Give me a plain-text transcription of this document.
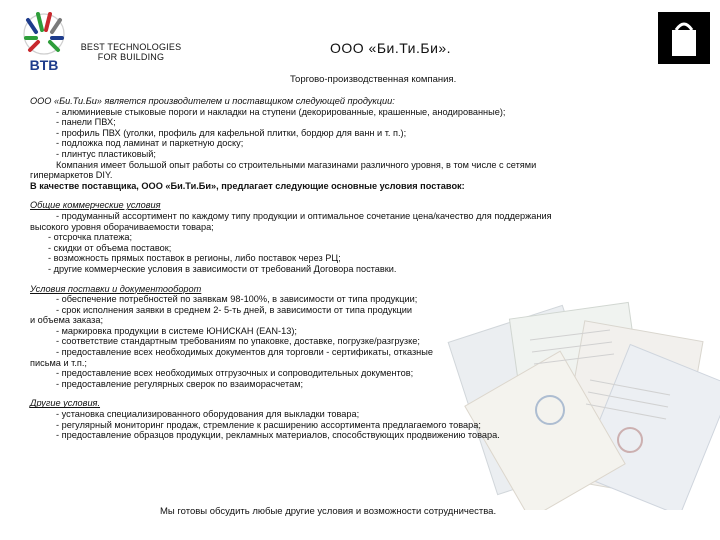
BTB
BEST TECHNOLOGIES
FOR BUILDING
ООО «Би.Ти.Би».
Торгово-производственная компания.

ООО «Би.Ти.Би» является производителем и поставщиком следующей продукции:

- алюминиевые стыковые пороги и накладки на ступени (декорированные, крашенные, анодированные);

- панели ПВХ;

- профиль ПВХ (уголки, профиль для кафельной плитки, бордюр для ванн и т. п.);

- подложка под ламинат и паркетную доску;

- плинтус пластиковый;

Компания имеет большой опыт работы со строительными магазинами различного уровня, в том числе с сетями

гипермаркетов DIY.

В качестве поставщика, ООО «Би.Ти.Би», предлагает следующие основные условия поставок:

Общие коммерческие условия

- продуманный ассортимент по каждому типу продукции и оптимальное сочетание цена/качество для поддержания

высокого уровня оборачиваемости товара;

- отсрочка платежа;

- скидки от объема поставок;

- возможность прямых поставок в регионы, либо поставок через РЦ;

- другие коммерческие условия в зависимости от требований Договора поставки.

Условия поставки и документооборот

- обеспечение потребностей по заявкам 98-100%, в зависимости от типа продукции;

- срок исполнения заявки в среднем 2- 5-ть дней, в зависимости от типа продукции

и объема заказа;

- маркировка продукции в системе ЮНИСКАН (EAN-13);

- соответствие стандартным требованиям по упаковке, доставке, погрузке/разгрузке;

- предоставление всех необходимых документов для торговли - сертификаты, отказные

письма и т.п.;

- предоставление всех необходимых отгрузочных и сопроводительных документов;

- предоставление регулярных сверок по взаиморасчетам;

Другие условия.

- установка специализированного оборудования для выкладки товара;

- регулярный мониторинг продаж, стремление к расширению ассортимента предлагаемого товара;

- предоставление образцов продукции, рекламных материалов, способствующих продвижению товара.

Мы готовы обсудить любые другие условия и возможности сотрудничества.
